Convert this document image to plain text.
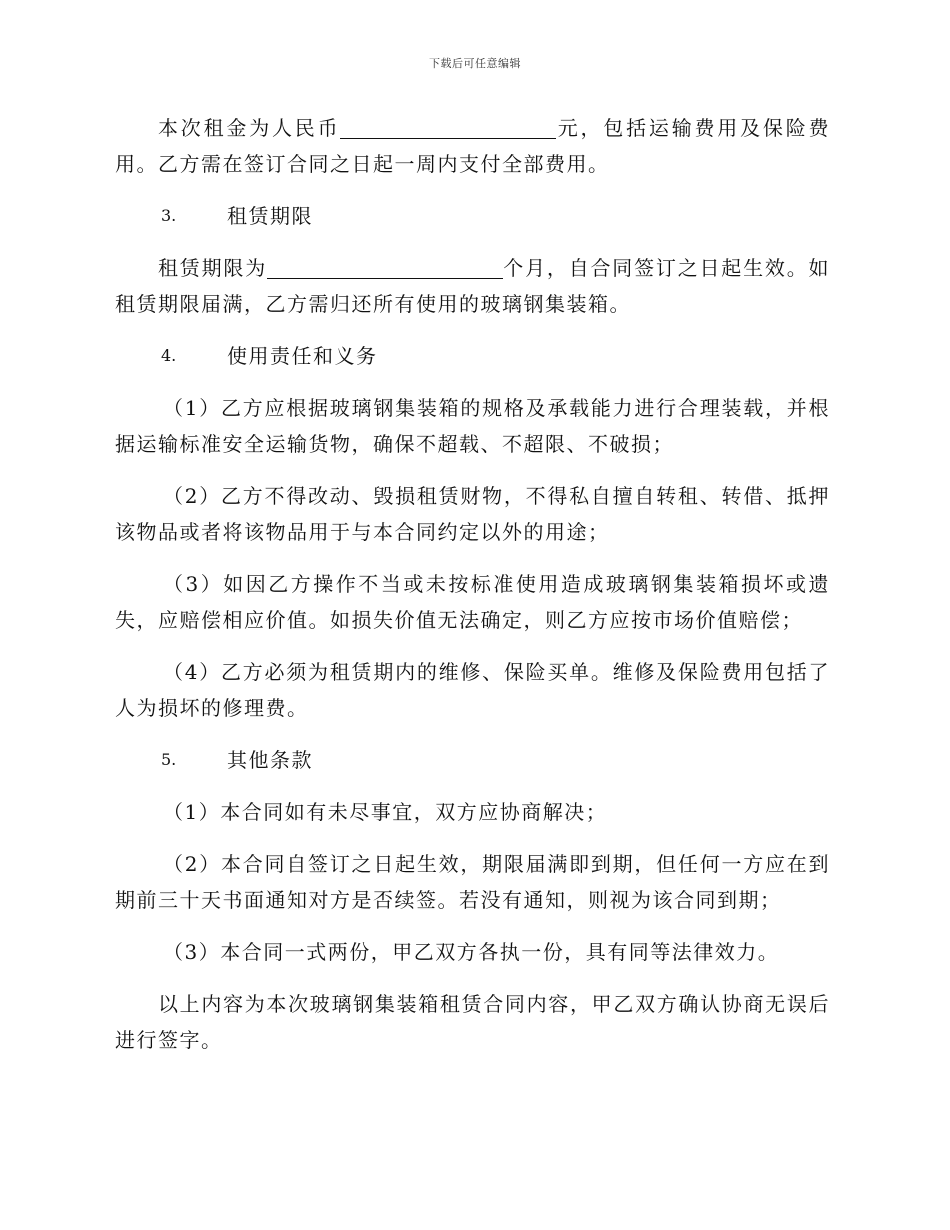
下载后可任意编辑

本次租金为人民币	元，包括运输费用及保险费用。乙方需在签订合同之日起一周内支付全部费用。

3.	租赁期限

租赁期限为	个月，自合同签订之日起生效。如租赁期限届满，乙方需归还所有使用的玻璃钢集装箱。

4.	使用责任和义务

（1）乙方应根据玻璃钢集装箱的规格及承载能力进行合理装载，并根据运输标准安全运输货物，确保不超载、不超限、不破损；

（2）乙方不得改动、毁损租赁财物，不得私自擅自转租、转借、抵押该物品或者将该物品用于与本合同约定以外的用途；

（3）如因乙方操作不当或未按标准使用造成玻璃钢集装箱损坏或遗失，应赔偿相应价值。如损失价值无法确定，则乙方应按市场价值赔偿；

（4）乙方必须为租赁期内的维修、保险买单。维修及保险费用包括了人为损坏的修理费。

5.	其他条款

（1）本合同如有未尽事宜，双方应协商解决；

（2）本合同自签订之日起生效，期限届满即到期，但任何一方应在到期前三十天书面通知对方是否续签。若没有通知，则视为该合同到期；

（3）本合同一式两份，甲乙双方各执一份，具有同等法律效力。

以上内容为本次玻璃钢集装箱租赁合同内容，甲乙双方确认协商无误后进行签字。
